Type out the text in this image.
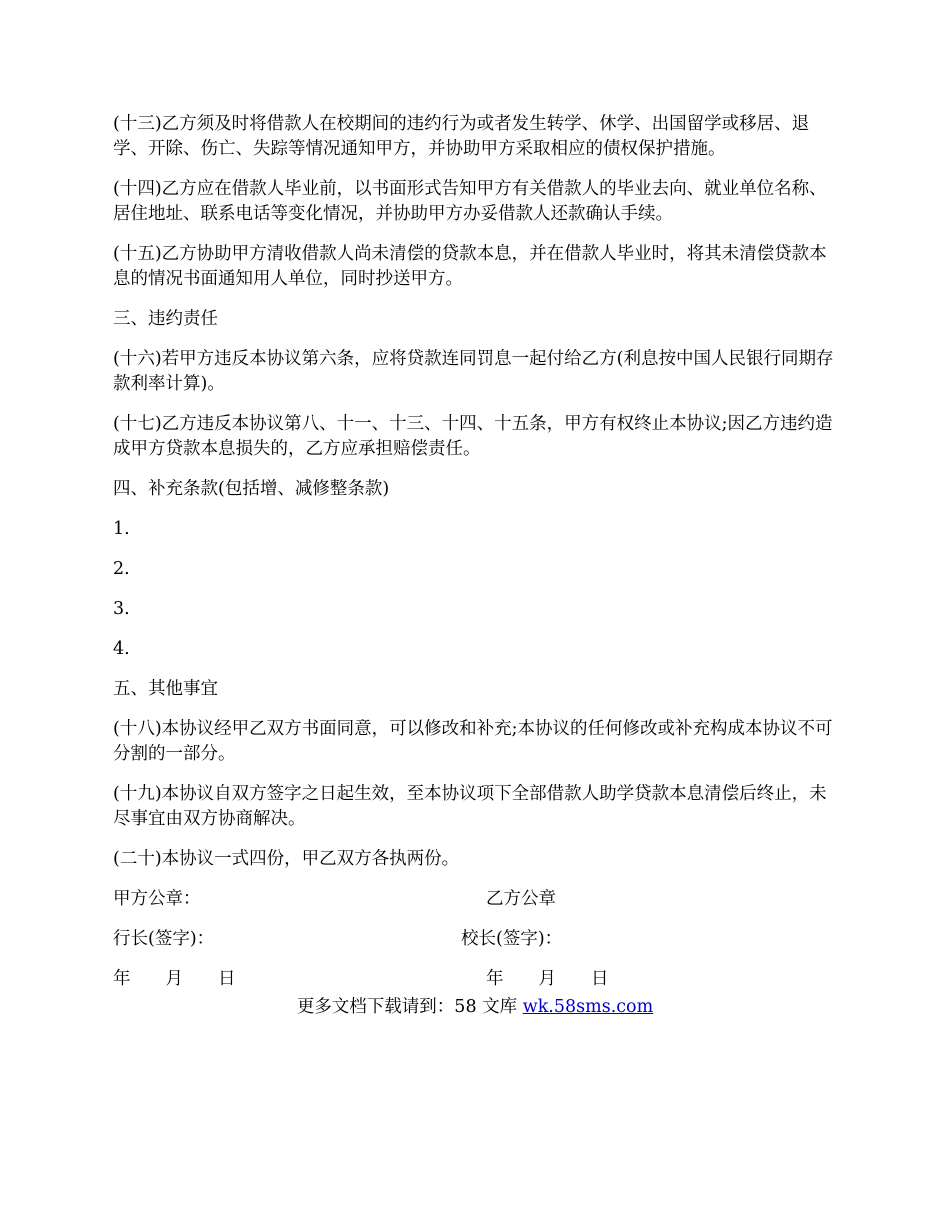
(十三)乙方须及时将借款人在校期间的违约行为或者发生转学、休学、出国留学或移居、退学、开除、伤亡、失踪等情况通知甲方，并协助甲方采取相应的债权保护措施。

(十四)乙方应在借款人毕业前，以书面形式告知甲方有关借款人的毕业去向、就业单位名称、居住地址、联系电话等变化情况，并协助甲方办妥借款人还款确认手续。

(十五)乙方协助甲方清收借款人尚未清偿的贷款本息，并在借款人毕业时，将其未清偿贷款本息的情况书面通知用人单位，同时抄送甲方。

三、违约责任

(十六)若甲方违反本协议第六条，应将贷款连同罚息一起付给乙方(利息按中国人民银行同期存款利率计算)。

(十七)乙方违反本协议第八、十一、十三、十四、十五条，甲方有权终止本协议;因乙方违约造成甲方贷款本息损失的，乙方应承担赔偿责任。

四、补充条款(包括增、减修整条款)

1.
2.
3.
4.

五、其他事宜

(十八)本协议经甲乙双方书面同意，可以修改和补充;本协议的任何修改或补充构成本协议不可分割的一部分。

(十九)本协议自双方签字之日起生效，至本协议项下全部借款人助学贷款本息清偿后终止，未尽事宜由双方协商解决。

(二十)本协议一式四份，甲乙双方各执两份。

甲方公章：	乙方公章
行长(签字)：	校长(签字)：
年　　月　　日	年　　月　　日
更多文档下载请到：58 文库 wk.58sms.com
